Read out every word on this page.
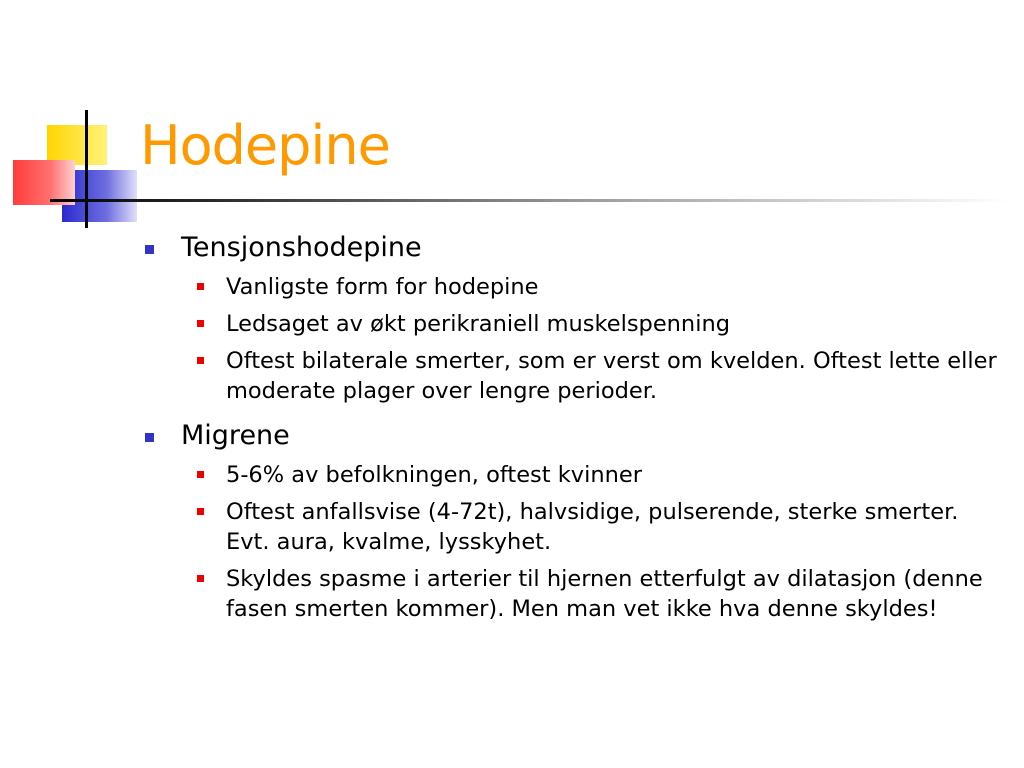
Hodepine
Tensjonshodepine
Vanligste form for hodepine
Ledsaget av økt perikraniell muskelspenning
Oftest bilaterale smerter, som er verst om kvelden. Oftest lette eller moderate plager over lengre perioder.
Migrene
5-6% av befolkningen, oftest kvinner
Oftest anfallsvise (4-72t), halvsidige, pulserende, sterke smerter. Evt. aura, kvalme, lysskyhet.
Skyldes spasme i arterier til hjernen etterfulgt av dilatasjon (denne fasen smerten kommer). Men man vet ikke hva denne skyldes!
